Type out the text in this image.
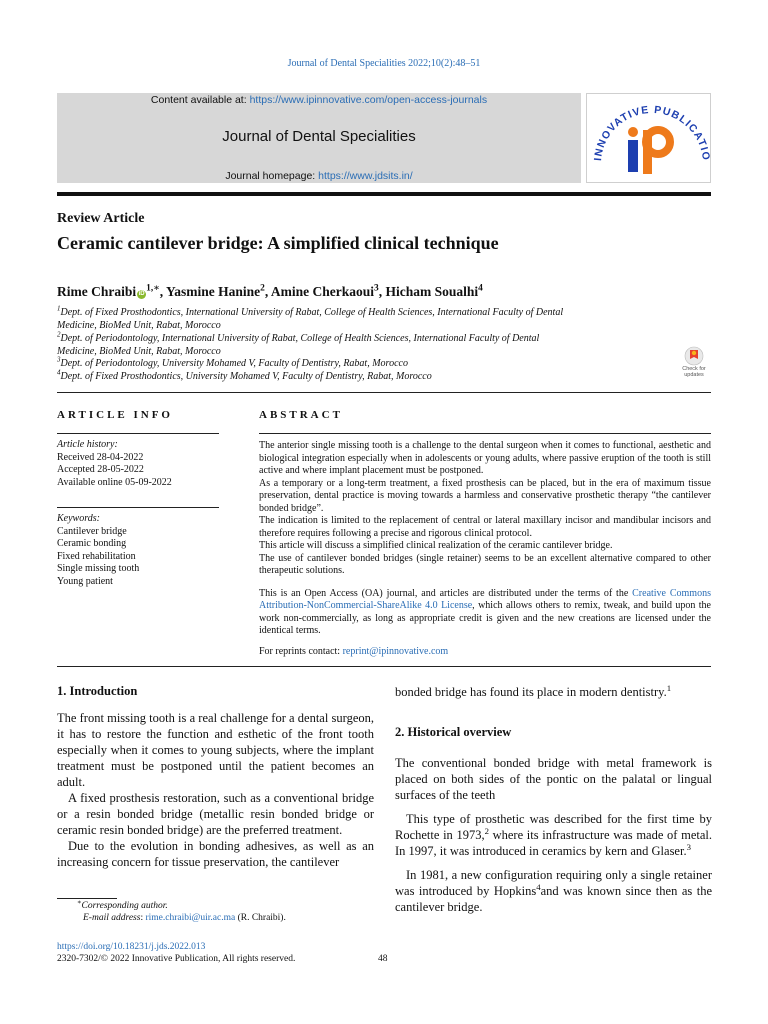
Journal of Dental Specialities 2022;10(2):48–51
Content available at: https://www.ipinnovative.com/open-access-journals
Journal of Dental Specialities
Journal homepage: https://www.jdsits.in/
INNOVATIVE PUBLICATIO
Review Article
Ceramic cantilever bridge: A simplified clinical technique
Rime Chraibi $iD^{1,∗}$, Yasmine Hanine$^2$, Amine Cherkaoui$^3$, Hicham Soualhi$^4$
$^1$Dept. of Fixed Prosthodontics, International University of Rabat, College of Health Sciences, International Faculty of Dental
Medicine, BioMed Unit, Rabat, Morocco
$^2$Dept. of Periodontology, International University of Rabat, College of Health Sciences, International Faculty of Dental
Medicine, BioMed Unit, Rabat, Morocco
$^3$Dept. of Periodontology, University Mohamed V, Faculty of Dentistry, Rabat, Morocco
$^4$Dept. of Fixed Prosthodontics, University Mohamed V, Faculty of Dentistry, Rabat, Morocco
Check for updates
ARTICLE INFO
Article history:
Received 28-04-2022
Accepted 28-05-2022
Available online 05-09-2022
Keywords:
Cantilever bridge
Ceramic bonding
Fixed rehabilitation
Single missing tooth
Young patient
ABSTRACT

The anterior single missing tooth is a challenge to the dental surgeon when it comes to functional, aesthetic and biological integration especially when in adolescents or young adults, where passive eruption of the tooth is still active and where implant placement must be postponed.

As a temporary or a long-term treatment, a fixed prosthesis can be placed, but in the era of maximum tissue preservation, dental practice is moving towards a harmless and conservative prosthetic therapy “the cantilever bonded bridge”.

The indication is limited to the replacement of central or lateral maxillary incisor and mandibular incisors and therefore requires following a precise and rigorous clinical protocol.

This article will discuss a simplified clinical realization of the ceramic cantilever bridge.

The use of cantilever bonded bridges (single retainer) seems to be an excellent alternative compared to other therapeutic solutions.

This is an Open Access (OA) journal, and articles are distributed under the terms of the Creative Commons Attribution-NonCommercial-ShareAlike 4.0 License, which allows others to remix, tweak, and build upon the work non-commercially, as long as appropriate credit is given and the new creations are licensed under the identical terms.

For reprints contact: reprint@ipinnovative.com

1. Introduction

The front missing tooth is a real challenge for a dental surgeon, it has to restore the function and esthetic of the front tooth especially when it comes to young subjects, where the implant treatment must be postponed until the patient becomes an adult.

A fixed prosthesis restoration, such as a conventional bridge or a resin bonded bridge (metallic resin bonded bridge or ceramic resin bonded bridge) are the preferred treatment.

Due to the evolution in bonding adhesives, as well as an increasing concern for tissue preservation, the cantilever

∗Corresponding author.
E-mail address: rime.chraibi@uir.ac.ma (R. Chraibi).

bonded bridge has found its place in modern dentistry.$^1$

2. Historical overview

The conventional bonded bridge with metal framework is placed on both sides of the pontic on the palatal or lingual surfaces of the teeth

This type of prosthetic was described for the first time by Rochette in 1973,$^2$ where its infrastructure was made of metal. In 1997, it was introduced in ceramics by kern and Glaser.$^3$

In 1981, a new configuration requiring only a single retainer was introduced by Hopkins$^4$and was known since then as the cantilever bridge.

https://doi.org/10.18231/j.jds.2022.013
2320-7302/© 2022 Innovative Publication, All rights reserved.	48
